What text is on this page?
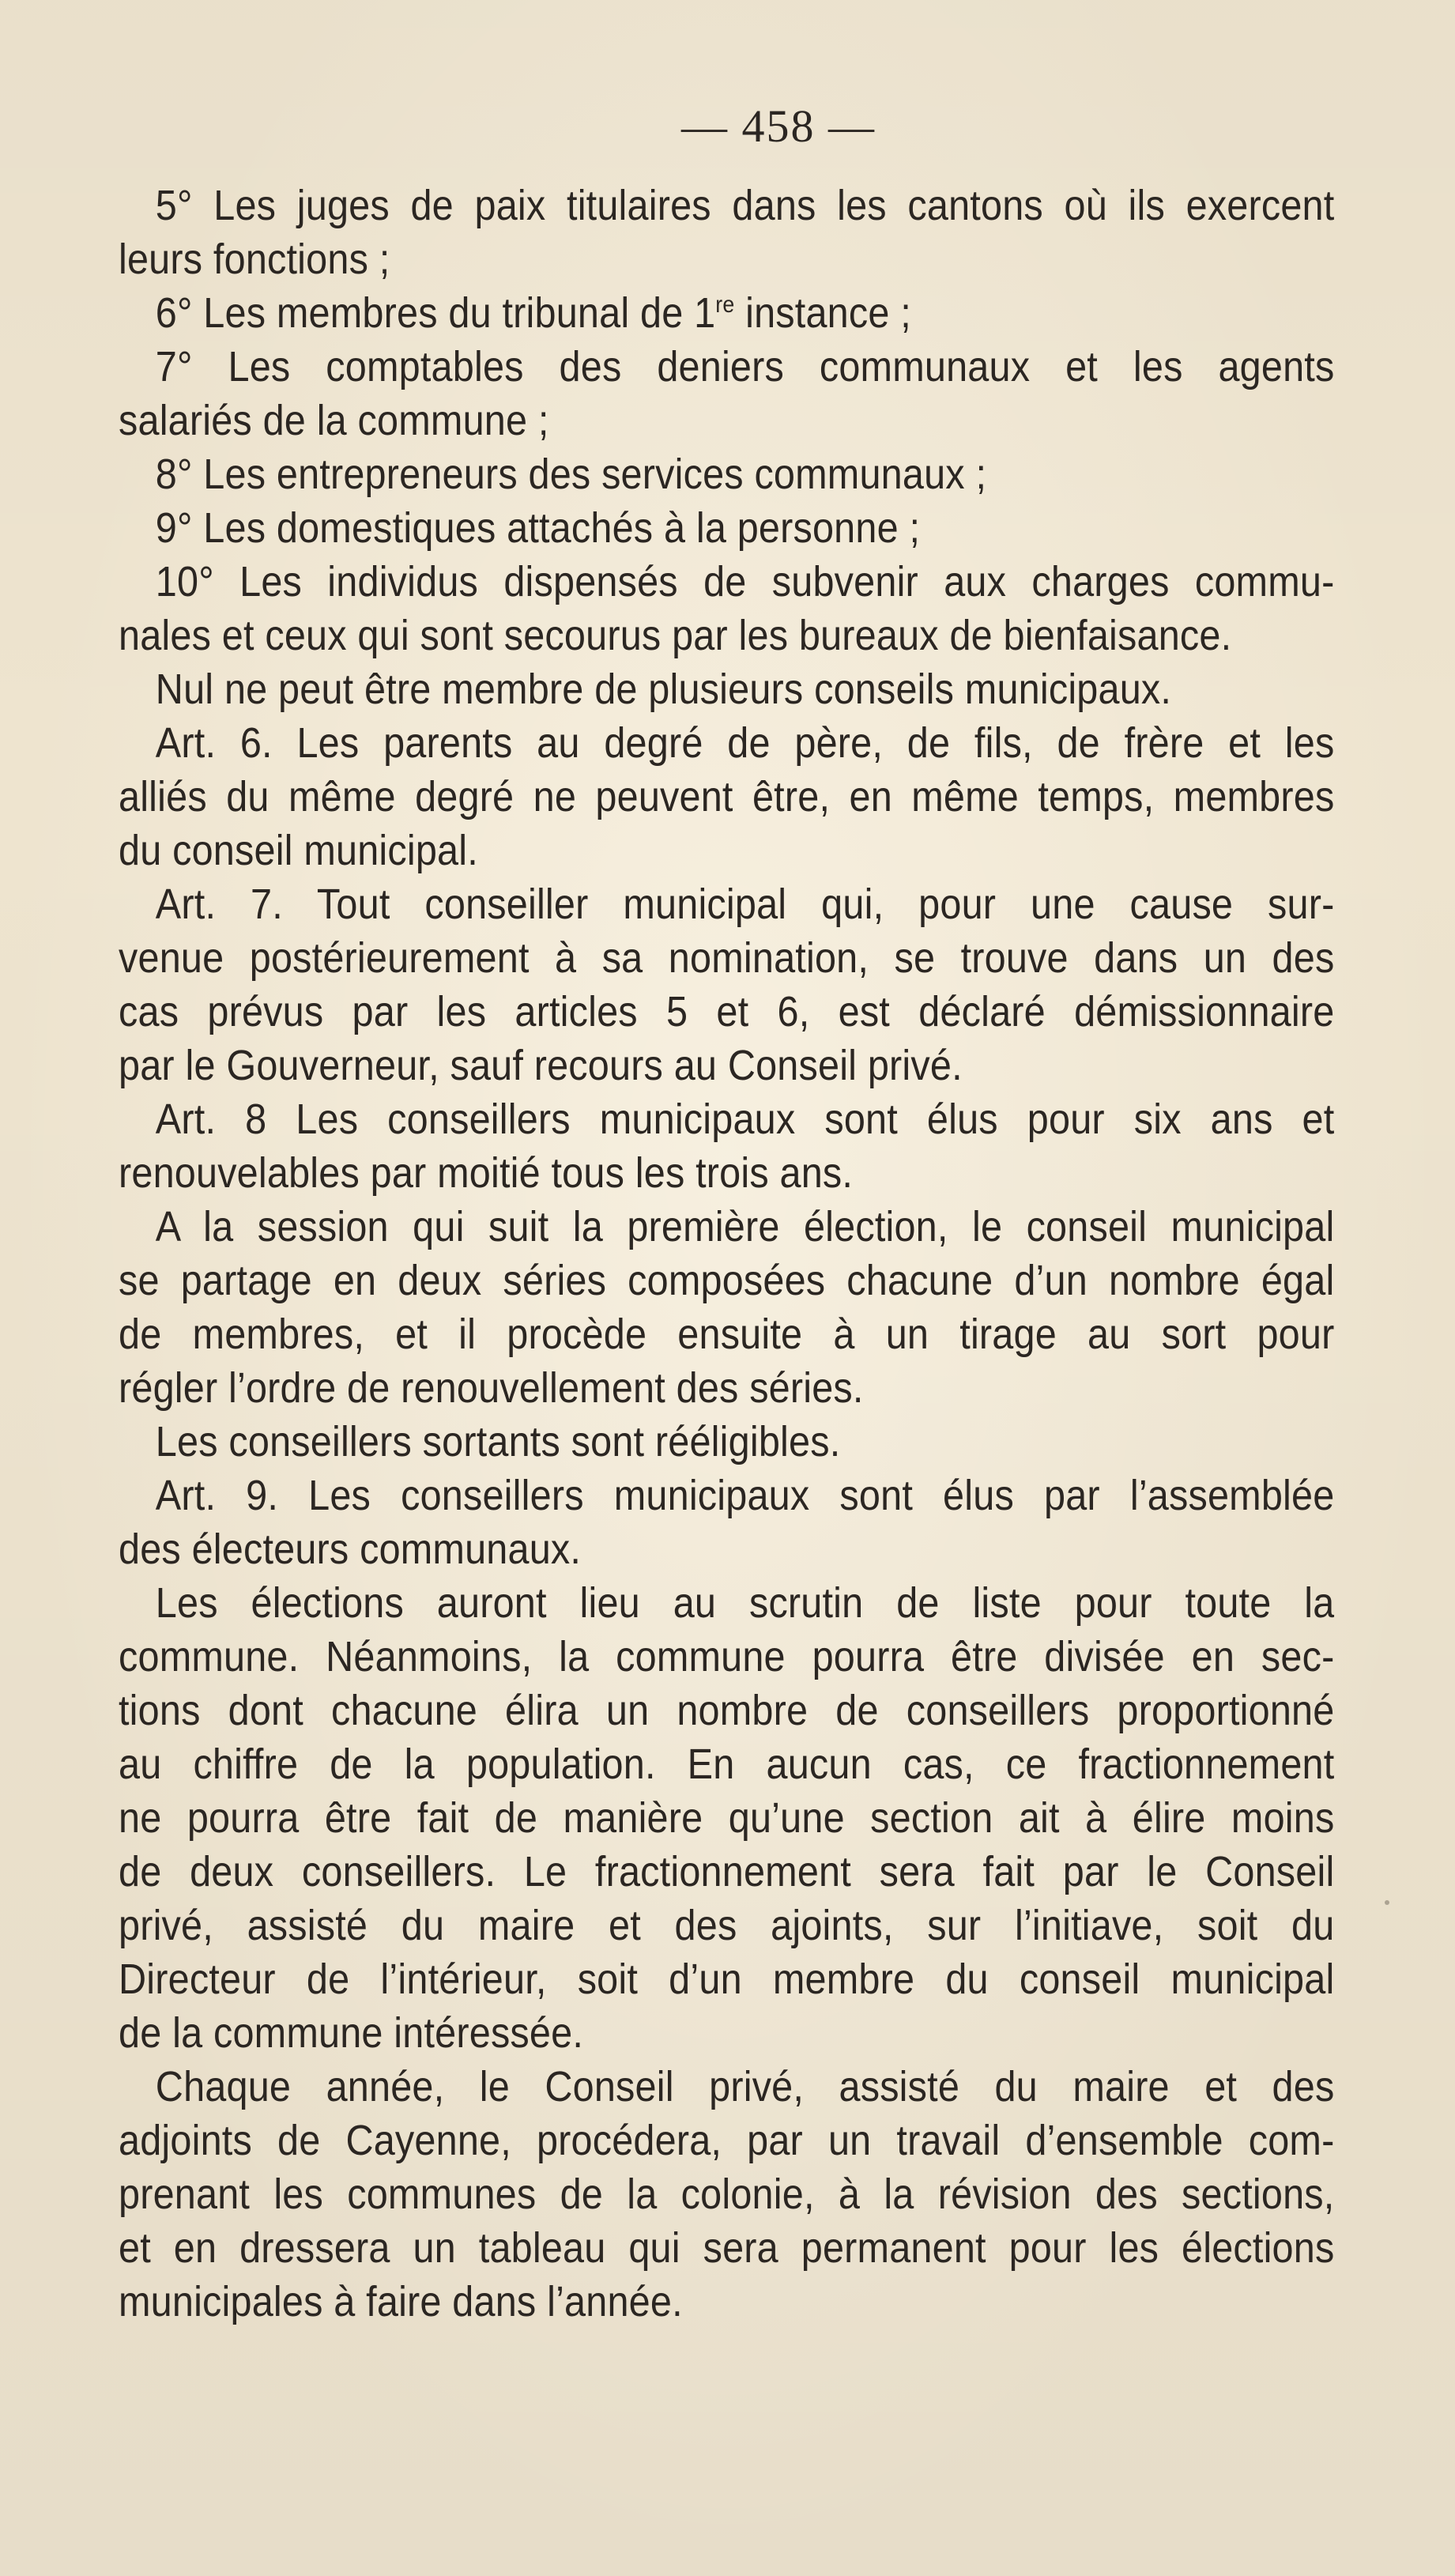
— 458 —
5° Les juges de paix titulaires dans les cantons où ils exercent
leurs fonctions ;
6° Les membres du tribunal de 1re instance ;
7° Les comptables des deniers communaux et les agents
salariés de la commune ;
8° Les entrepreneurs des services communaux ;
9° Les domestiques attachés à la personne ;
10° Les individus dispensés de subvenir aux charges commu-
nales et ceux qui sont secourus par les bureaux de bienfaisance.
Nul ne peut être membre de plusieurs conseils municipaux.
Art. 6. Les parents au degré de père, de fils, de frère et les
alliés du même degré ne peuvent être, en même temps, membres
du conseil municipal.
Art. 7. Tout conseiller municipal qui, pour une cause sur-
venue postérieurement à sa nomination, se trouve dans un des
cas prévus par les articles 5 et 6, est déclaré démissionnaire
par le Gouverneur, sauf recours au Conseil privé.
Art. 8 Les conseillers municipaux sont élus pour six ans et
renouvelables par moitié tous les trois ans.
A la session qui suit la première élection, le conseil municipal
se partage en deux séries composées chacune d’un nombre égal
de membres, et il procède ensuite à un tirage au sort pour
régler l’ordre de renouvellement des séries.
Les conseillers sortants sont rééligibles.
Art. 9. Les conseillers municipaux sont élus par l’assemblée
des électeurs communaux.
Les élections auront lieu au scrutin de liste pour toute la
commune. Néanmoins, la commune pourra être divisée en sec-
tions dont chacune élira un nombre de conseillers proportionné
au chiffre de la population. En aucun cas, ce fractionnement
ne pourra être fait de manière qu’une section ait à élire moins
de deux conseillers. Le fractionnement sera fait par le Conseil
privé, assisté du maire et des ajoints, sur l’initiave, soit du
Directeur de l’intérieur, soit d’un membre du conseil municipal
de la commune intéressée.
Chaque année, le Conseil privé, assisté du maire et des
adjoints de Cayenne, procédera, par un travail d’ensemble com-
prenant les communes de la colonie, à la révision des sections,
et en dressera un tableau qui sera permanent pour les élections
municipales à faire dans l’année.
